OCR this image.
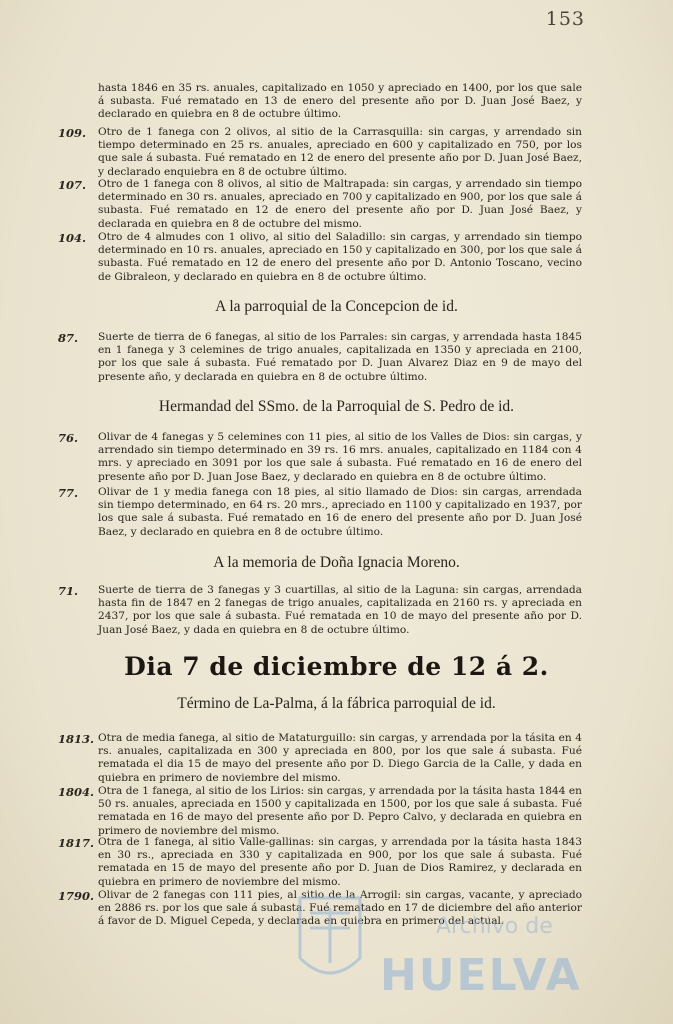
153
hasta 1846 en 35 rs. anuales, capitalizado en 1050 y apreciado en 1400, por los que sale á subasta. Fué rematado en 13 de enero del presente año por D. Juan José Baez, y declarado en quiebra en 8 de octubre último.
109. Otro de 1 fanega con 2 olivos, al sitio de la Carrasquilla: sin cargas, y arrendado sin tiempo determinado en 25 rs. anuales, apreciado en 600 y capitalizado en 750, por los que sale á subasta. Fué rematado en 12 de enero del presente año por D. Juan José Baez, y declarado enquiebra en 8 de octubre último.
107. Otro de 1 fanega con 8 olivos, al sitio de Maltrapada: sin cargas, y arrendado sin tiempo determinado en 30 rs. anuales, apreciado en 700 y capitalizado en 900, por los que sale á subasta. Fué rematado en 12 de enero del presente año por D. Juan José Baez, y declarada en quiebra en 8 de octubre del mismo.
104. Otro de 4 almudes con 1 olivo, al sitio del Saladillo: sin cargas, y arrendado sin tiempo determinado en 10 rs. anuales, apreciado en 150 y capitalizado en 300, por los que sale á subasta. Fué rematado en 12 de enero del presente año por D. Antonio Toscano, vecino de Gibraleon, y declarado en quiebra en 8 de octubre último.
A la parroquial de la Concepcion de id.
87. Suerte de tierra de 6 fanegas, al sitio de los Parrales: sin cargas, y arrendada hasta 1845 en 1 fanega y 3 celemines de trigo anuales, capitalizada en 1350 y apreciada en 2100, por los que sale á subasta. Fué rematado por D. Juan Alvarez Diaz en 9 de mayo del presente año, y declarada en quiebra en 8 de octubre último.
Hermandad del SSmo. de la Parroquial de S. Pedro de id.
76. Olivar de 4 fanegas y 5 celemines con 11 pies, al sitio de los Valles de Dios: sin cargas, y arrendado sin tiempo determinado en 39 rs. 16 mrs. anuales, capitalizado en 1184 con 4 mrs. y apreciado en 3091 por los que sale á subasta. Fué rematado en 16 de enero del presente año por D. Juan Jose Baez, y declarado en quiebra en 8 de octubre último.
77. Olivar de 1 y media fanega con 18 pies, al sitio llamado de Dios: sin cargas, arrendada sin tiempo determinado, en 64 rs. 20 mrs., apreciado en 1100 y capitalizado en 1937, por los que sale á subasta. Fué rematado en 16 de enero del presente año por D. Juan José Baez, y declarado en quiebra en 8 de octubre último.
A la memoria de Doña Ignacia Moreno.
71. Suerte de tierra de 3 fanegas y 3 cuartillas, al sitio de la Laguna: sin cargas, arrendada hasta fin de 1847 en 2 fanegas de trigo anuales, capitalizada en 2160 rs. y apreciada en 2437, por los que sale á subasta. Fué rematada en 10 de mayo del presente año por D. Juan José Baez, y dada en quiebra en 8 de octubre último.
Dia 7 de diciembre de 12 á 2.
Término de La-Palma, á la fábrica parroquial de id.
1813. Otra de media fanega, al sitio de Mataturguillo: sin cargas, y arrendada por la tásita en 4 rs. anuales, capitalizada en 300 y apreciada en 800, por los que sale á subasta. Fué rematada el dia 15 de mayo del presente año por D. Diego Garcia de la Calle, y dada en quiebra en primero de noviembre del mismo.
1804. Otra de 1 fanega, al sitio de los Lirios: sin cargas, y arrendada por la tásita hasta 1844 en 50 rs. anuales, apreciada en 1500 y capitalizada en 1500, por los que sale á subasta. Fué rematada en 16 de mayo del presente año por D. Pepro Calvo, y declarada en quiebra en primero de noviembre del mismo.
1817. Otra de 1 fanega, al sitio Valle-gallinas: sin cargas, y arrendada por la tásita hasta 1843 en 30 rs., apreciada en 330 y capitalizada en 900, por los que sale á subasta. Fué rematada en 15 de mayo del presente año por D. Juan de Dios Ramirez, y declarada en quiebra en primero de noviembre del mismo.
1790. Olivar de 2 fanegas con 111 pies, al sitio de la Arrogil: sin cargas, vacante, y apreciado en 2886 rs. por los que sale á subasta. Fué rematado en 17 de diciembre del año anterior á favor de D. Miguel Cepeda, y declarada en quiebra en primero del actual.
Archivo de
HUELVA
